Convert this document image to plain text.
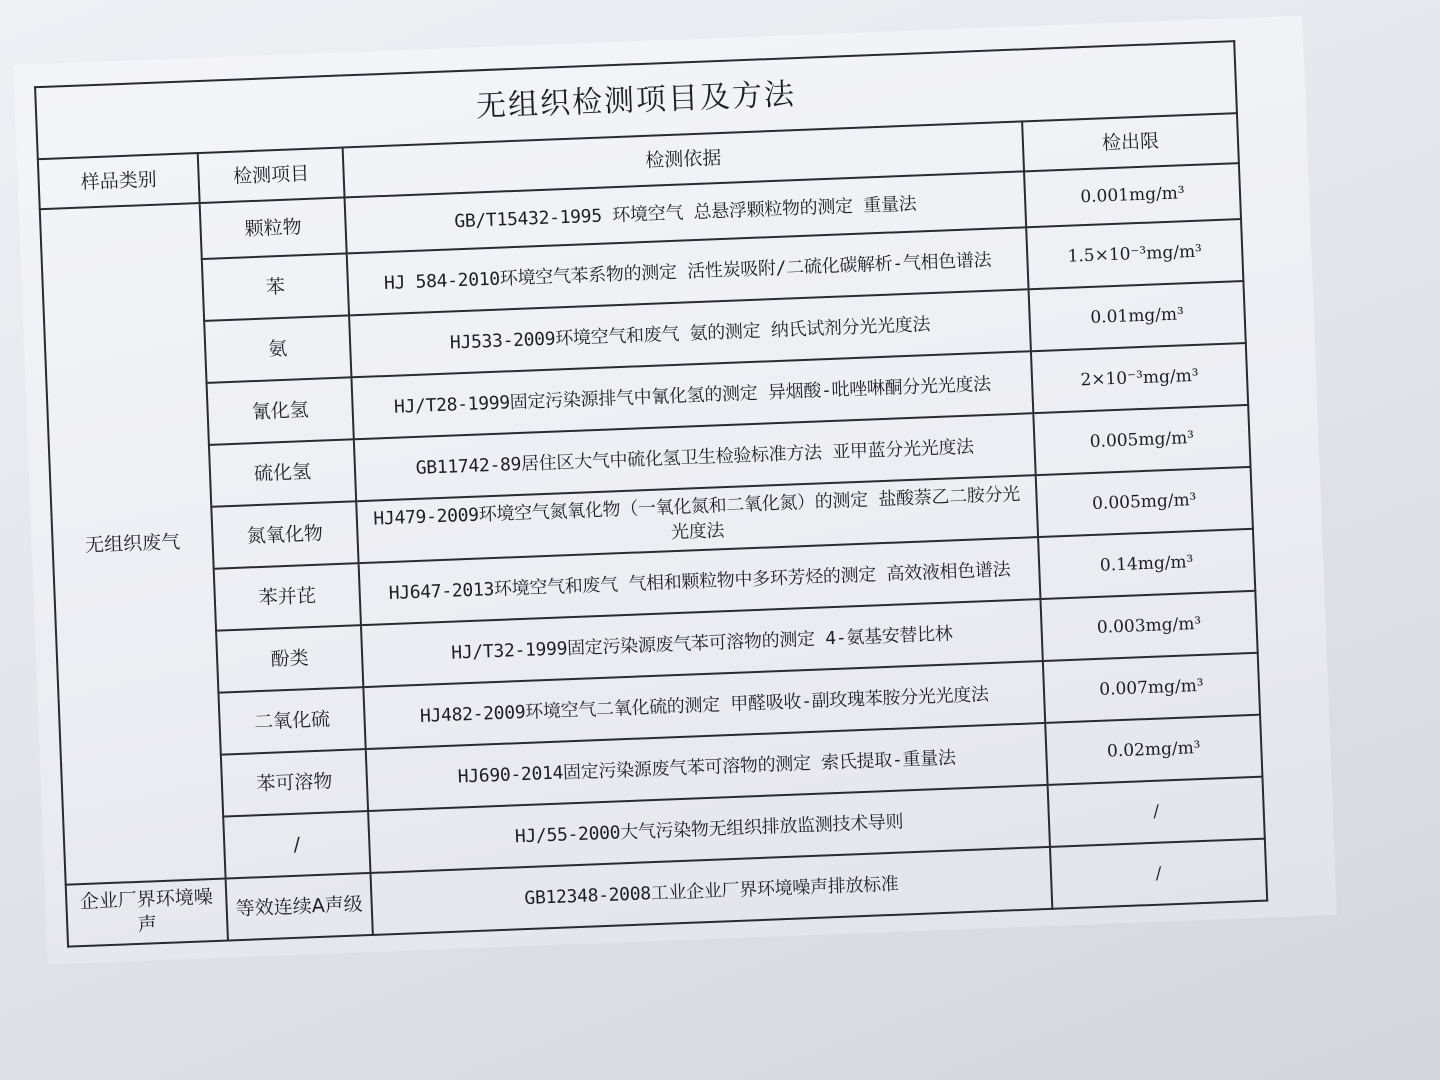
无组织检测项目及方法			
样品类别	检测项目	检测依据	检出限
无组织废气	颗粒物	GB/T15432-1995 环境空气 总悬浮颗粒物的测定 重量法	0.001mg/m³
	苯	HJ 584-2010环境空气苯系物的测定 活性炭吸附/二硫化碳解析-气相色谱法	1.5×10⁻³mg/m³
	氨	HJ533-2009环境空气和废气 氨的测定 纳氏试剂分光光度法	0.01mg/m³
	氰化氢	HJ/T28-1999固定污染源排气中氰化氢的测定 异烟酸-吡唑啉酮分光光度法	2×10⁻³mg/m³
	硫化氢	GB11742-89居住区大气中硫化氢卫生检验标准方法 亚甲蓝分光光度法	0.005mg/m³
	氮氧化物	HJ479-2009环境空气氮氧化物（一氧化氮和二氧化氮）的测定 盐酸萘乙二胺分光光度法	0.005mg/m³
	苯并芘	HJ647-2013环境空气和废气 气相和颗粒物中多环芳烃的测定 高效液相色谱法	0.14mg/m³
	酚类	HJ/T32-1999固定污染源废气苯可溶物的测定 4-氨基安替比林	0.003mg/m³
	二氧化硫	HJ482-2009环境空气二氧化硫的测定 甲醛吸收-副玫瑰苯胺分光光度法	0.007mg/m³
	苯可溶物	HJ690-2014固定污染源废气苯可溶物的测定 索氏提取-重量法	0.02mg/m³
	/	HJ/55-2000大气污染物无组织排放监测技术导则	/
企业厂界环境噪声	等效连续A声级	GB12348-2008工业企业厂界环境噪声排放标准	/
